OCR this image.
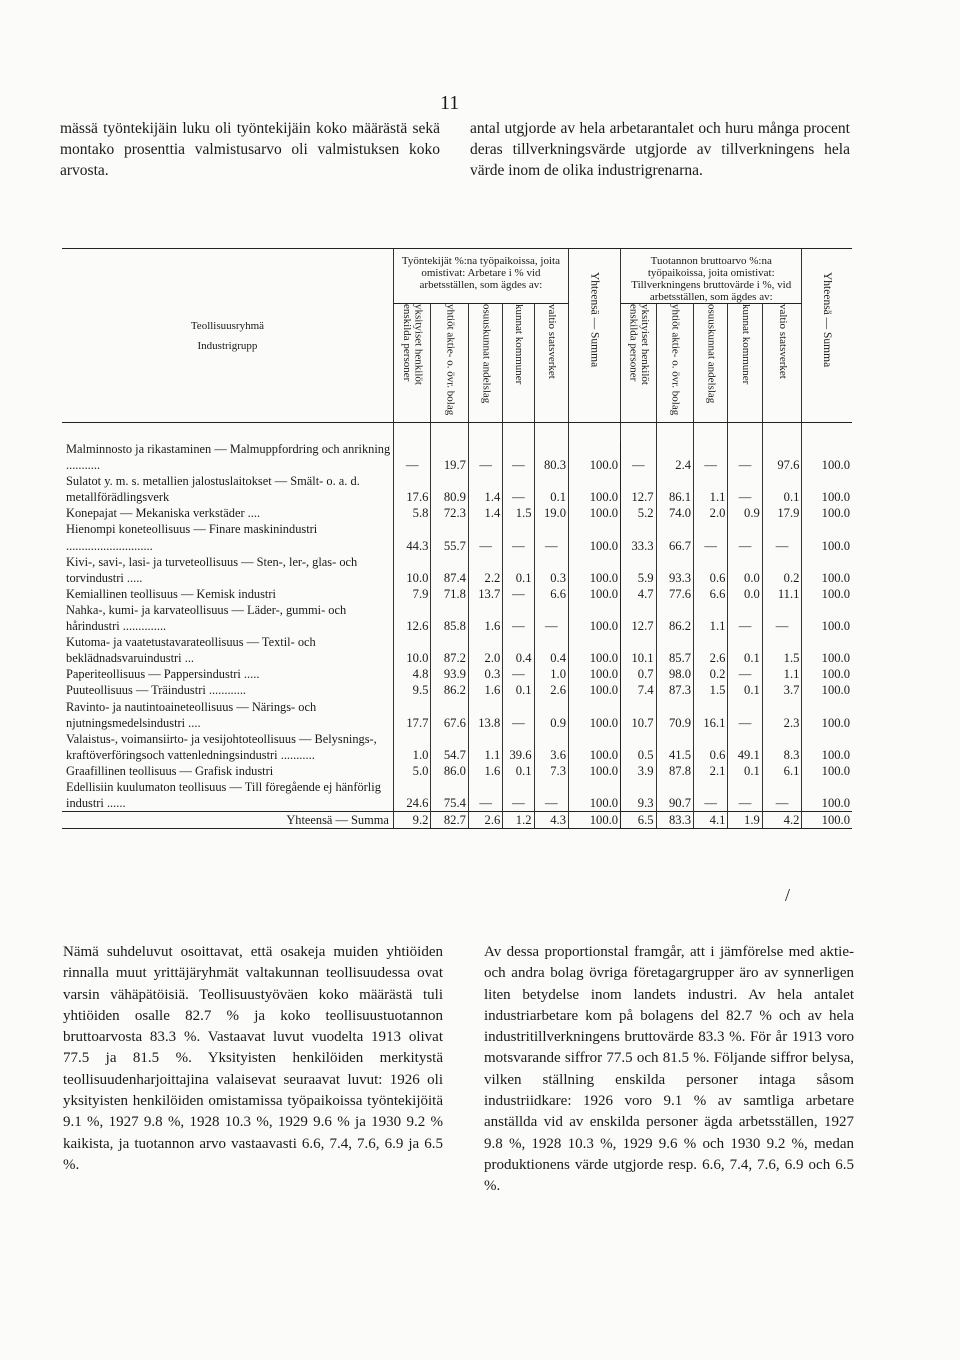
11
mässä työntekijäin luku oli työntekijäin koko määrästä sekä montako prosenttia valmistusarvo oli valmistuksen koko arvosta.
antal utgjorde av hela arbetarantalet och huru många procent deras tillverkningsvärde utgjorde av tillverkningens hela värde inom de olika industrigrenarna.
Teollisuusryhmä
Industrigrupp	Työntekijät %:na työpaikoissa, joita omistivat: Arbetare i % vid arbetsställen, som ägdes av:					Yhteensä — Summa	Tuotannon bruttoarvo %:na työpaikoissa, joita omistivat: Tillverkningens bruttovärde i %, vid arbetsställen, som ägdes av:					Yhteensä — Summa

	yksityiset henkilöt enskilda personer	yhtiöt aktie- o. övr. bolag	osuuskunnat andelslag	kunnat kommuner	valtio statsverket		yksityiset henkilöt enskilda personer	yhtiöt aktie- o. övr. bolag	osuuskunnat andelslag	kunnat kommuner	valtio statsverket	

Malminnosto ja rikastaminen — Malmuppfordring och anrikning ...........	—	19.7	—	—	80.3	100.0	—	2.4	—	—	97.6	100.0
Sulatot y. m. s. metallien jalostuslaitokset — Smält- o. a. d. metallförädlingsverk	17.6	80.9	1.4	—	0.1	100.0	12.7	86.1	1.1	—	0.1	100.0
Konepajat — Mekaniska verkstäder ....	5.8	72.3	1.4	1.5	19.0	100.0	5.2	74.0	2.0	0.9	17.9	100.0
Hienompi koneteollisuus — Finare maskinindustri ............................	44.3	55.7	—	—	—	100.0	33.3	66.7	—	—	—	100.0
Kivi-, savi-, lasi- ja turveteollisuus — Sten-, ler-, glas- och torvindustri .....	10.0	87.4	2.2	0.1	0.3	100.0	5.9	93.3	0.6	0.0	0.2	100.0
Kemiallinen teollisuus — Kemisk industri	7.9	71.8	13.7	—	6.6	100.0	4.7	77.6	6.6	0.0	11.1	100.0
Nahka-, kumi- ja karvateollisuus — Läder-, gummi- och hårindustri ..............	12.6	85.8	1.6	—	—	100.0	12.7	86.2	1.1	—	—	100.0
Kutoma- ja vaatetustavarateollisuus — Textil- och beklädnadsvaruindustri ...	10.0	87.2	2.0	0.4	0.4	100.0	10.1	85.7	2.6	0.1	1.5	100.0
Paperiteollisuus — Pappersindustri .....	4.8	93.9	0.3	—	1.0	100.0	0.7	98.0	0.2	—	1.1	100.0
Puuteollisuus — Träindustri ............	9.5	86.2	1.6	0.1	2.6	100.0	7.4	87.3	1.5	0.1	3.7	100.0
Ravinto- ja nautintoaineteollisuus — Närings- och njutningsmedelsindustri ....	17.7	67.6	13.8	—	0.9	100.0	10.7	70.9	16.1	—	2.3	100.0
Valaistus-, voimansiirto- ja vesijohtoteollisuus — Belysnings-, kraftöverföringsoch vattenledningsindustri ...........	1.0	54.7	1.1	39.6	3.6	100.0	0.5	41.5	0.6	49.1	8.3	100.0
Graafillinen teollisuus — Grafisk industri	5.0	86.0	1.6	0.1	7.3	100.0	3.9	87.8	2.1	0.1	6.1	100.0
Edellisiin kuulumaton teollisuus — Till föregående ej hänförlig industri ......	24.6	75.4	—	—	—	100.0	9.3	90.7	—	—	—	100.0
Yhteensä — Summa	9.2	82.7	2.6	1.2	4.3	100.0	6.5	83.3	4.1	1.9	4.2	100.0
/
Nämä suhdeluvut osoittavat, että osakeja muiden yhtiöiden rinnalla muut yrittäjäryhmät valtakunnan teollisuudessa ovat varsin vähäpätöisiä. Teollisuustyöväen koko määrästä tuli yhtiöiden osalle 82.7 % ja koko teollisuustuotannon bruttoarvosta 83.3 %. Vastaavat luvut vuodelta 1913 olivat 77.5 ja 81.5 %. Yksityisten henkilöiden merkitystä teollisuudenharjoittajina valaisevat seuraavat luvut: 1926 oli yksityisten henkilöiden omistamissa työpaikoissa työntekijöitä 9.1 %, 1927 9.8 %, 1928 10.3 %, 1929 9.6 % ja 1930 9.2 % kaikista, ja tuotannon arvo vastaavasti 6.6, 7.4, 7.6, 6.9 ja 6.5 %.
Av dessa proportionstal framgår, att i jämförelse med aktie- och andra bolag övriga företagargrupper äro av synnerligen liten betydelse inom landets industri. Av hela antalet industriarbetare kom på bolagens del 82.7 % och av hela industritillverkningens bruttovärde 83.3 %. För år 1913 voro motsvarande siffror 77.5 och 81.5 %. Följande siffror belysa, vilken ställning enskilda personer intaga såsom industriidkare: 1926 voro 9.1 % av samtliga arbetare anställda vid av enskilda personer ägda arbetsställen, 1927 9.8 %, 1928 10.3 %, 1929 9.6 % och 1930 9.2 %, medan produktionens värde utgjorde resp. 6.6, 7.4, 7.6, 6.9 och 6.5 %.
